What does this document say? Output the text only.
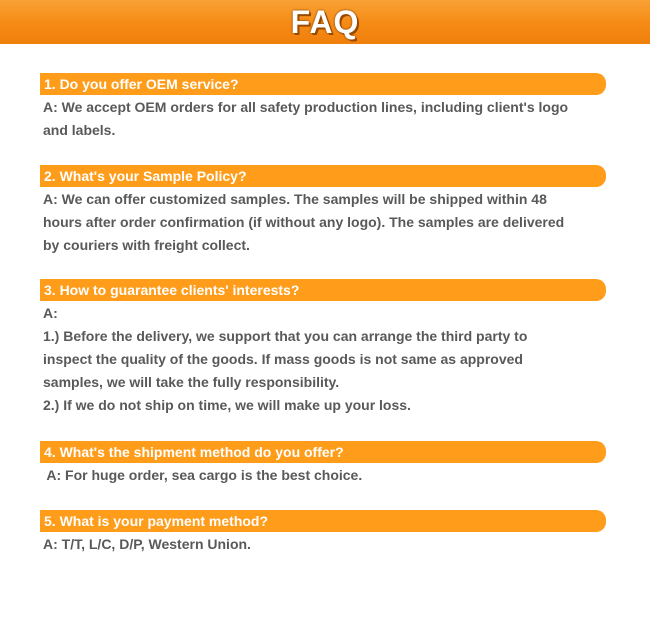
FAQ
1. Do you offer OEM service?
A: We accept OEM orders for all safety production lines, including client's logo
and labels.
2. What's your Sample Policy?
A: We can offer customized samples. The samples will be shipped within 48
hours after order confirmation (if without any logo). The samples are delivered
by couriers with freight collect.
3. How to guarantee clients' interests?
A:
1.) Before the delivery, we support that you can arrange the third party to
inspect the quality of the goods. If mass goods is not same as approved
samples, we will take the fully responsibility.
2.) If we do not ship on time, we will make up your loss.
4. What's the shipment method do you offer?
A: For huge order, sea cargo is the best choice.
5. What is your payment method?
A: T/T, L/C, D/P, Western Union.
